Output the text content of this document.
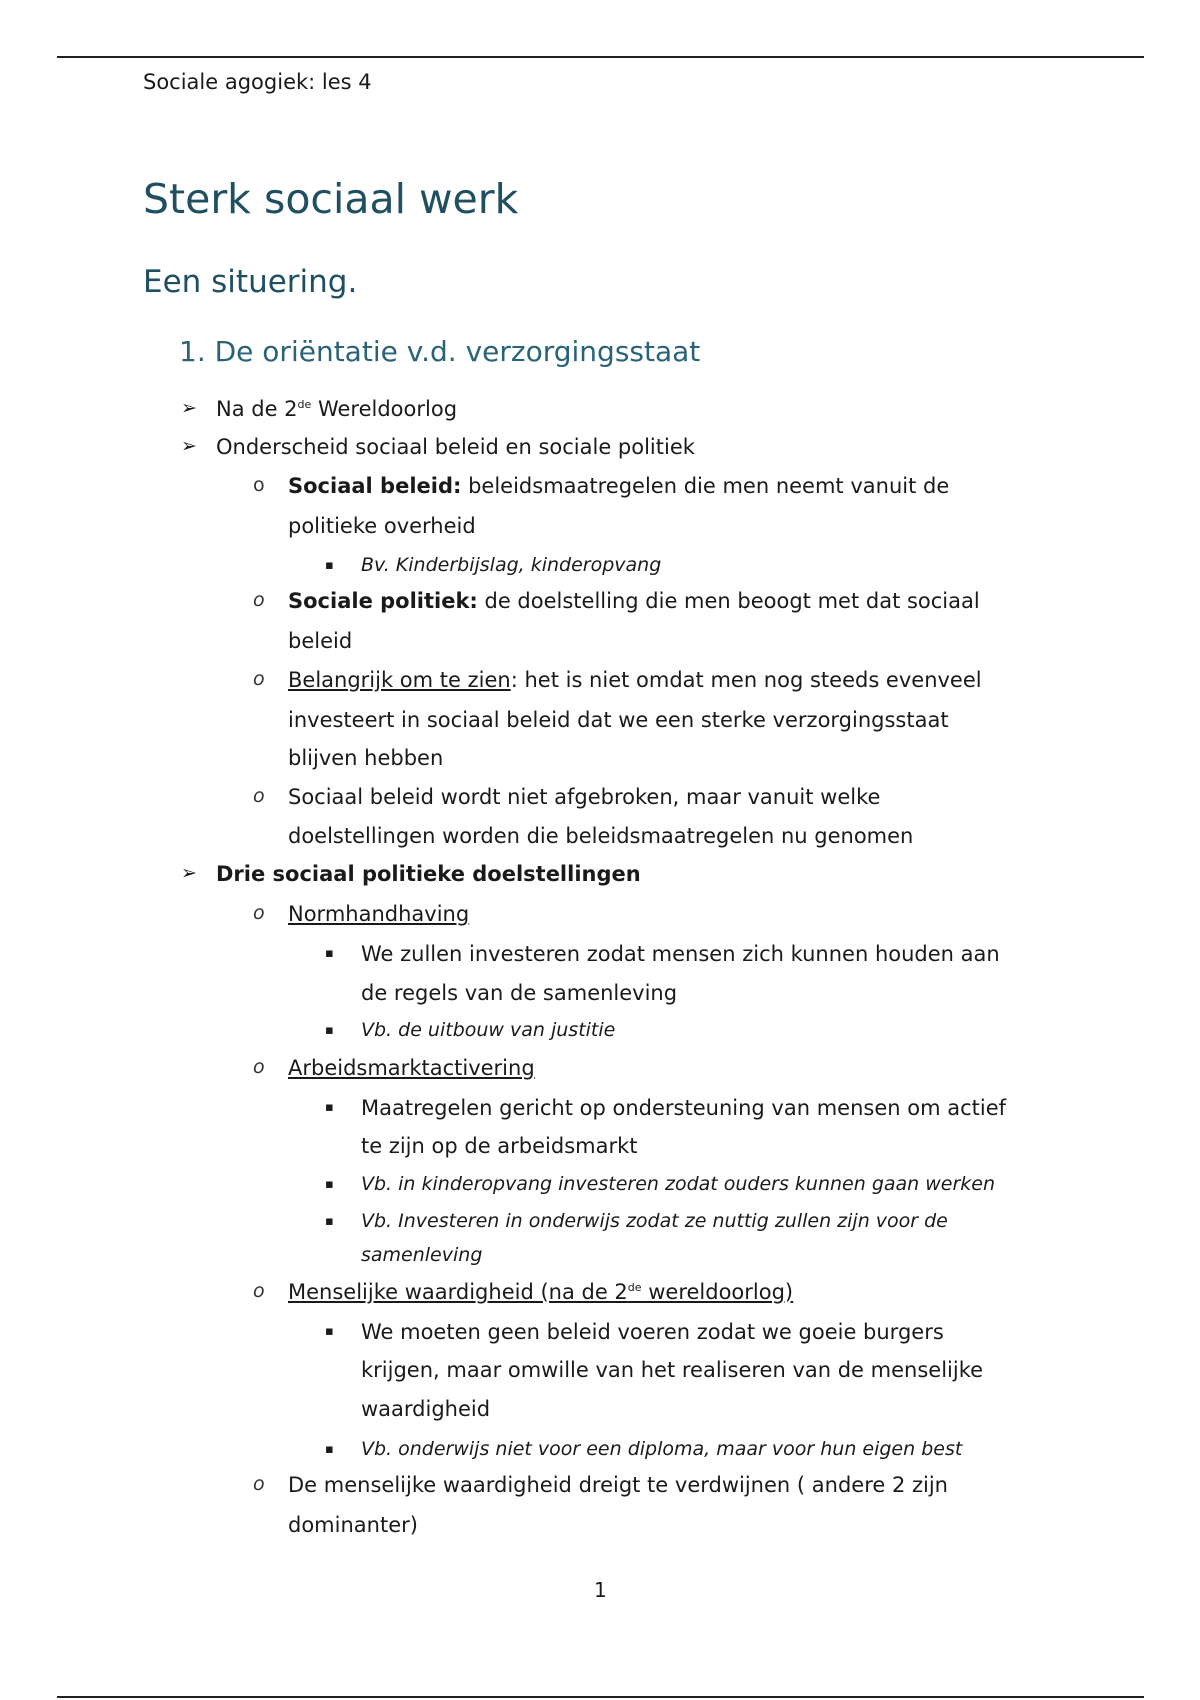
Sociale agogiek: les 4
Sterk sociaal werk
Een situering.
1. De oriëntatie v.d. verzorgingsstaat
➢ Na de 2de Wereldoorlog
➢ Onderscheid sociaal beleid en sociale politiek
o Sociaal beleid: beleidsmaatregelen die men neemt vanuit de
politieke overheid
▪ Bv. Kinderbijslag, kinderopvang
o Sociale politiek: de doelstelling die men beoogt met dat sociaal
beleid
o Belangrijk om te zien: het is niet omdat men nog steeds evenveel
investeert in sociaal beleid dat we een sterke verzorgingsstaat
blijven hebben
o Sociaal beleid wordt niet afgebroken, maar vanuit welke
doelstellingen worden die beleidsmaatregelen nu genomen
➢ Drie sociaal politieke doelstellingen
o Normhandhaving
▪ We zullen investeren zodat mensen zich kunnen houden aan
de regels van de samenleving
▪ Vb. de uitbouw van justitie
o Arbeidsmarktactivering
▪ Maatregelen gericht op ondersteuning van mensen om actief
te zijn op de arbeidsmarkt
▪ Vb. in kinderopvang investeren zodat ouders kunnen gaan werken
▪ Vb. Investeren in onderwijs zodat ze nuttig zullen zijn voor de
samenleving
o Menselijke waardigheid (na de 2de wereldoorlog)
▪ We moeten geen beleid voeren zodat we goeie burgers
krijgen, maar omwille van het realiseren van de menselijke
waardigheid
▪ Vb. onderwijs niet voor een diploma, maar voor hun eigen best
o De menselijke waardigheid dreigt te verdwijnen ( andere 2 zijn
dominanter)
1
